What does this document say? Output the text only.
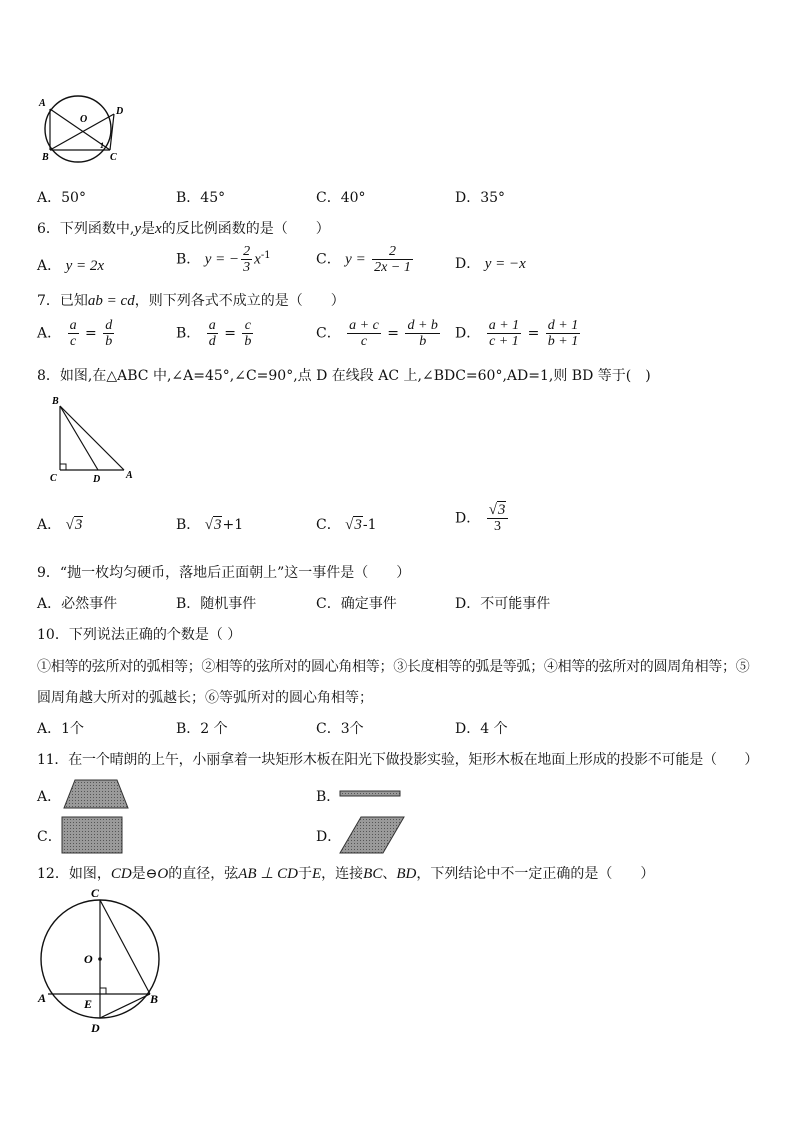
A
D
O
B	C
1
A．50°	B．45°	C．40°	D．35°
6．下列函数中,y是x的反比例函数的是（　　）
A． y = 2x	B． y = − $\frac{2}{3} x^{-1}$	C． $y = \frac{2}{2x - 1}$	D． y = −x
7．已知ab = cd，则下列各式不成立的是（　　）
A． $\frac{a}{c} = \frac{d}{b}$	B． $\frac{a}{d} = \frac{c}{b}$	C． $\frac{a + c}{c} = \frac{d + b}{b}$ D． $\frac{a + 1}{c + 1} = \frac{d + 1}{b + 1}$
8．如图,在△ABC 中,∠A=45°,∠C=90°,点 D 在线段 AC 上,∠BDC=60°,AD=1,则 BD 等于(　)
B
C	D	A
A． √3	B． √3+1	C． √3-1	D． $\frac{√3}{3}$
9．“抛一枚均匀硬币，落地后正面朝上”这一事件是（　　）
A．必然事件	B．随机事件	C．确定事件	D．不可能事件
10．下列说法正确的个数是（ ）
①相等的弦所对的弧相等；②相等的弦所对的圆心角相等；③长度相等的弧是等弧；④相等的弦所对的圆周角相等；⑤
圆周角越大所对的弧越长；⑥等弧所对的圆心角相等；
A．1个	B．2 个	C．3个	D．4 个
11．在一个晴朗的上午，小丽拿着一块矩形木板在阳光下做投影实验，矩形木板在地面上形成的投影不可能是（　　）
A．	B．
C．	D．
12．如图，CD是⊖O的直径，弦AB ⊥ CD于E，连接BC、BD，下列结论中不一定正确的是（　　）
C
O
A	E	B
D
